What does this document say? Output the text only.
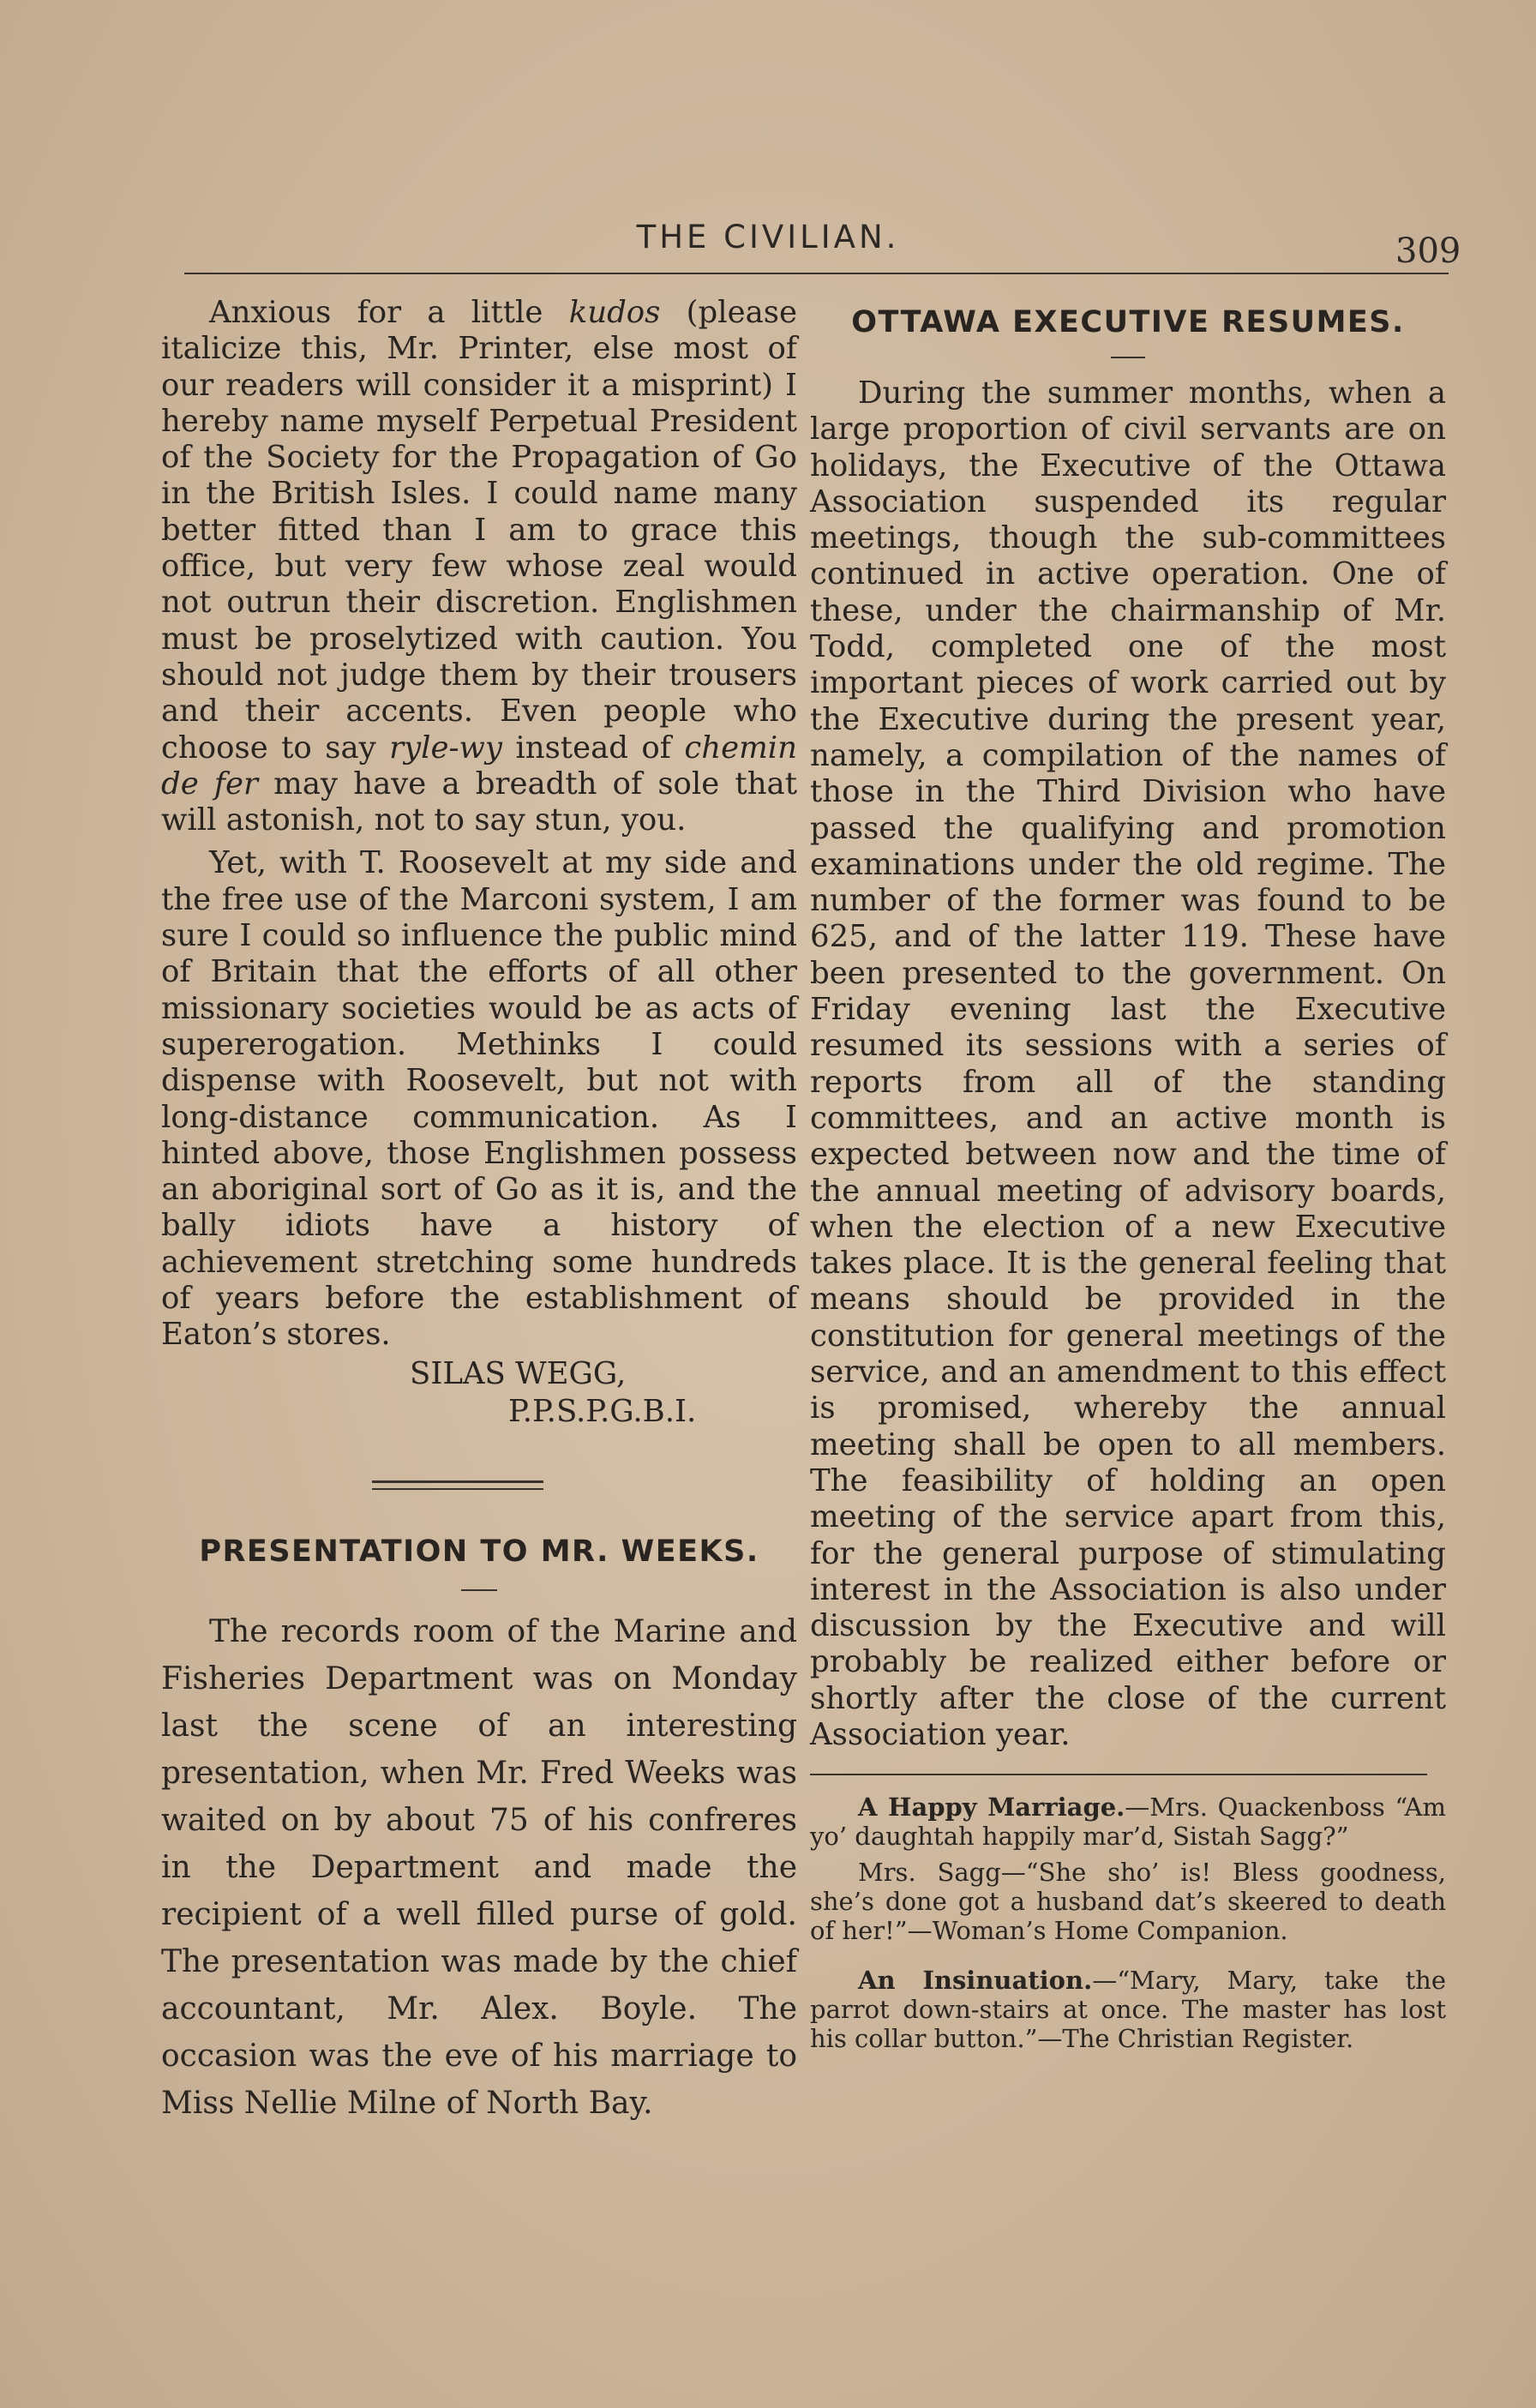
THE CIVILIAN.	309

Anxious for a little kudos (please italicize this, Mr. Printer, else most of our readers will consider it a misprint) I hereby name myself Perpetual President of the Society for the Propagation of Go in the British Isles. I could name many better fitted than I am to grace this office, but very few whose zeal would not outrun their discretion. Englishmen must be proselytized with caution. You should not judge them by their trousers and their accents. Even people who choose to say ryle-wy instead of chemin de fer may have a breadth of sole that will astonish, not to say stun, you.

Yet, with T. Roosevelt at my side and the free use of the Marconi system, I am sure I could so influence the public mind of Britain that the efforts of all other missionary societies would be as acts of supererogation. Methinks I could dispense with Roosevelt, but not with long-distance communication. As I hinted above, those Englishmen possess an aboriginal sort of Go as it is, and the bally idiots have a history of achievement stretching some hundreds of years before the establishment of Eaton’s stores.

SILAS WEGG,

P.P.S.P.G.B.I.

PRESENTATION TO MR. WEEKS.

The records room of the Marine and Fisheries Department was on Monday last the scene of an interesting presentation, when Mr. Fred Weeks was waited on by about 75 of his confreres in the Department and made the recipient of a well filled purse of gold. The presentation was made by the chief accountant, Mr. Alex. Boyle. The occasion was the eve of his marriage to Miss Nellie Milne of North Bay.

OTTAWA EXECUTIVE RESUMES.

During the summer months, when a large proportion of civil servants are on holidays, the Executive of the Ottawa Association suspended its regular meetings, though the sub-committees continued in active operation. One of these, under the chairmanship of Mr. Todd, completed one of the most important pieces of work carried out by the Executive during the present year, namely, a compilation of the names of those in the Third Division who have passed the qualifying and promotion examinations under the old regime. The number of the former was found to be 625, and of the latter 119. These have been presented to the government. On Friday evening last the Executive resumed its sessions with a series of reports from all of the standing committees, and an active month is expected between now and the time of the annual meeting of advisory boards, when the election of a new Executive takes place. It is the general feeling that means should be provided in the constitution for general meetings of the service, and an amendment to this effect is promised, whereby the annual meeting shall be open to all members. The feasibility of holding an open meeting of the service apart from this, for the general purpose of stimulating interest in the Association is also under discussion by the Executive and will probably be realized either before or shortly after the close of the current Association year.

A Happy Marriage.—Mrs. Quackenboss “Am yo’ daughtah happily mar’d, Sistah Sagg?”

Mrs. Sagg—“She sho’ is! Bless goodness, she’s done got a husband dat’s skeered to death of her!”—Woman’s Home Companion.

An Insinuation.—“Mary, Mary, take the parrot down-stairs at once. The master has lost his collar button.”—The Christian Register.
